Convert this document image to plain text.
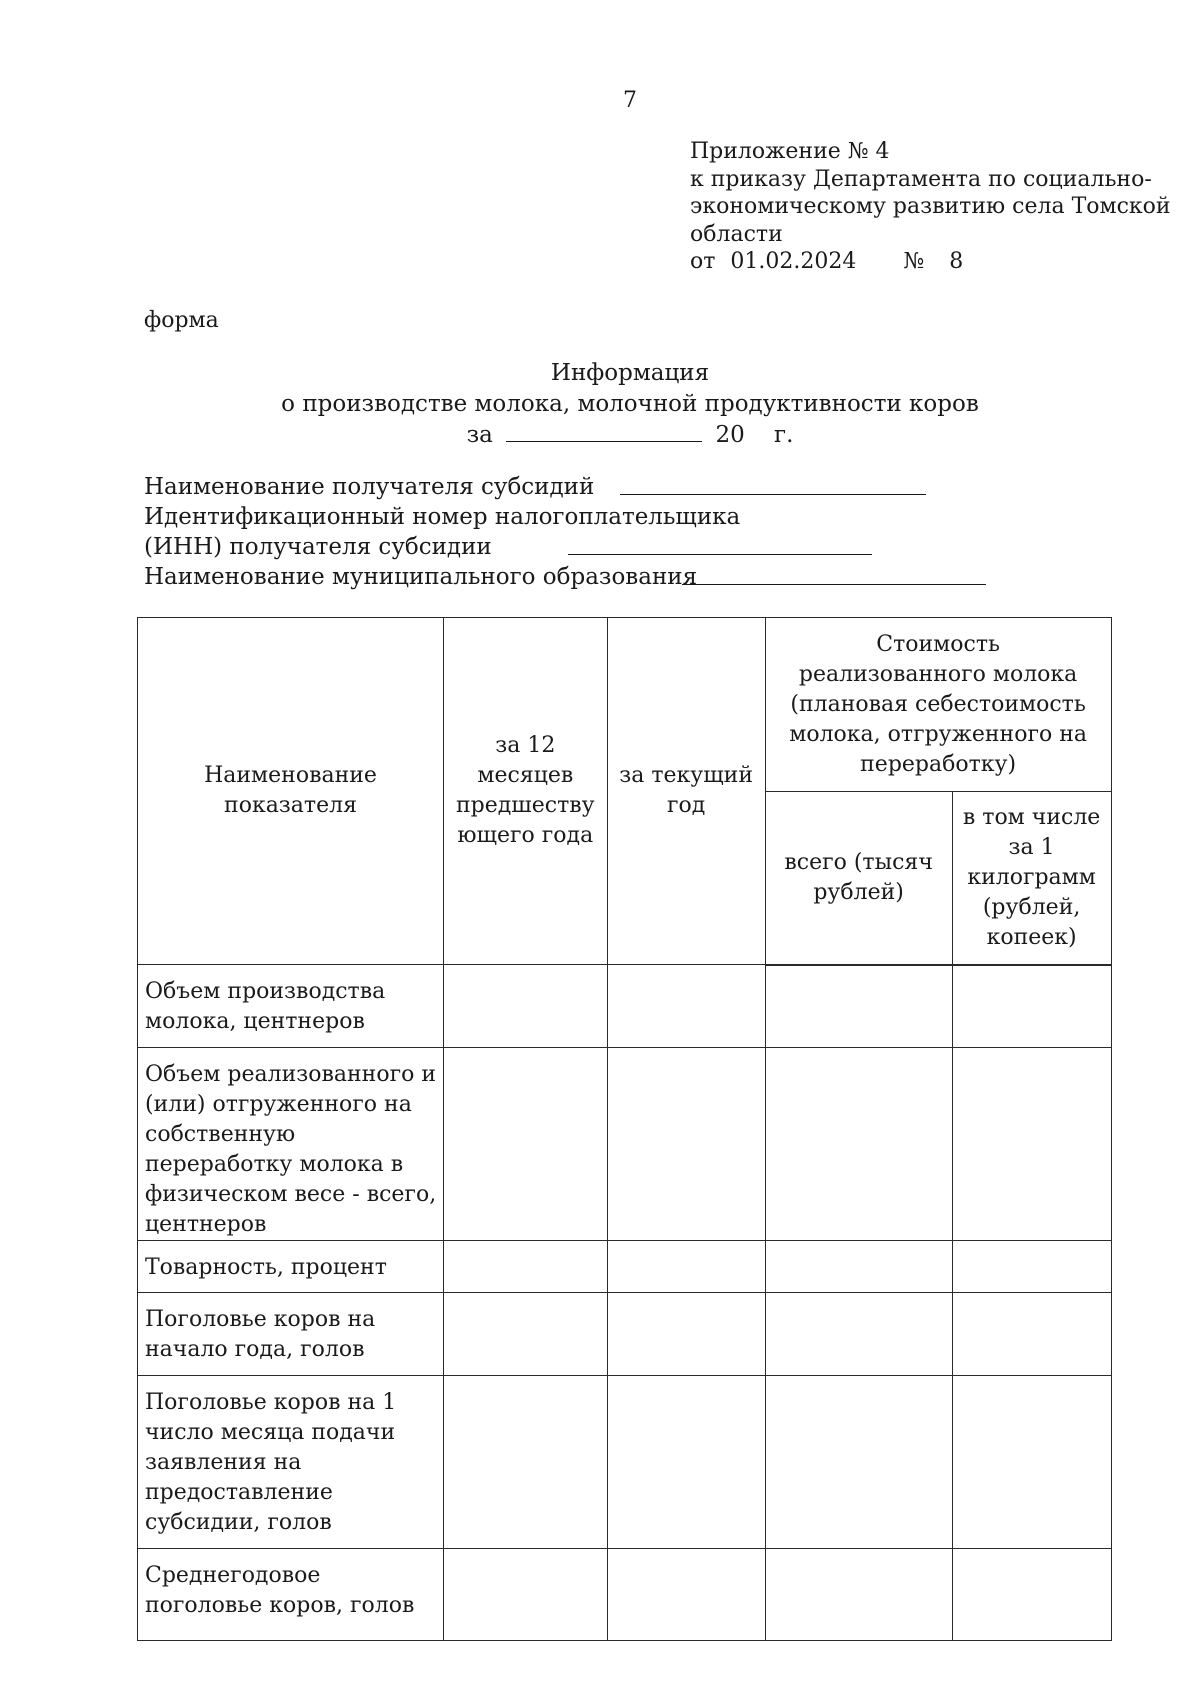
7
Приложение № 4
к приказу Департамента по социально-
экономическому развитию села Томской
области
от 01.02.2024 № 8
форма
Информация
о производстве молока, молочной продуктивности коров
за	20 г.
Наименование получателя субсидий
Идентификационный номер налогоплательщика
(ИНН) получателя субсидии
Наименование муниципального образования
Наименование показателя	за 12 месяцев предшеству ющего года	за текущий год	Стоимость реализованного молока (плановая себестоимость молока, отгруженного на переработку)	
			всего (тысяч рублей)	в том числе за 1 килограмм (рублей, копеек)
Объем производства молока, центнеров				
Объем реализованного и (или) отгруженного на собственную переработку молока в физическом весе - всего, центнеров				
Товарность, процент				
Поголовье коров на начало года, голов				
Поголовье коров на 1 число месяца подачи заявления на предоставление субсидии, голов				
Среднегодовое поголовье коров, голов				
